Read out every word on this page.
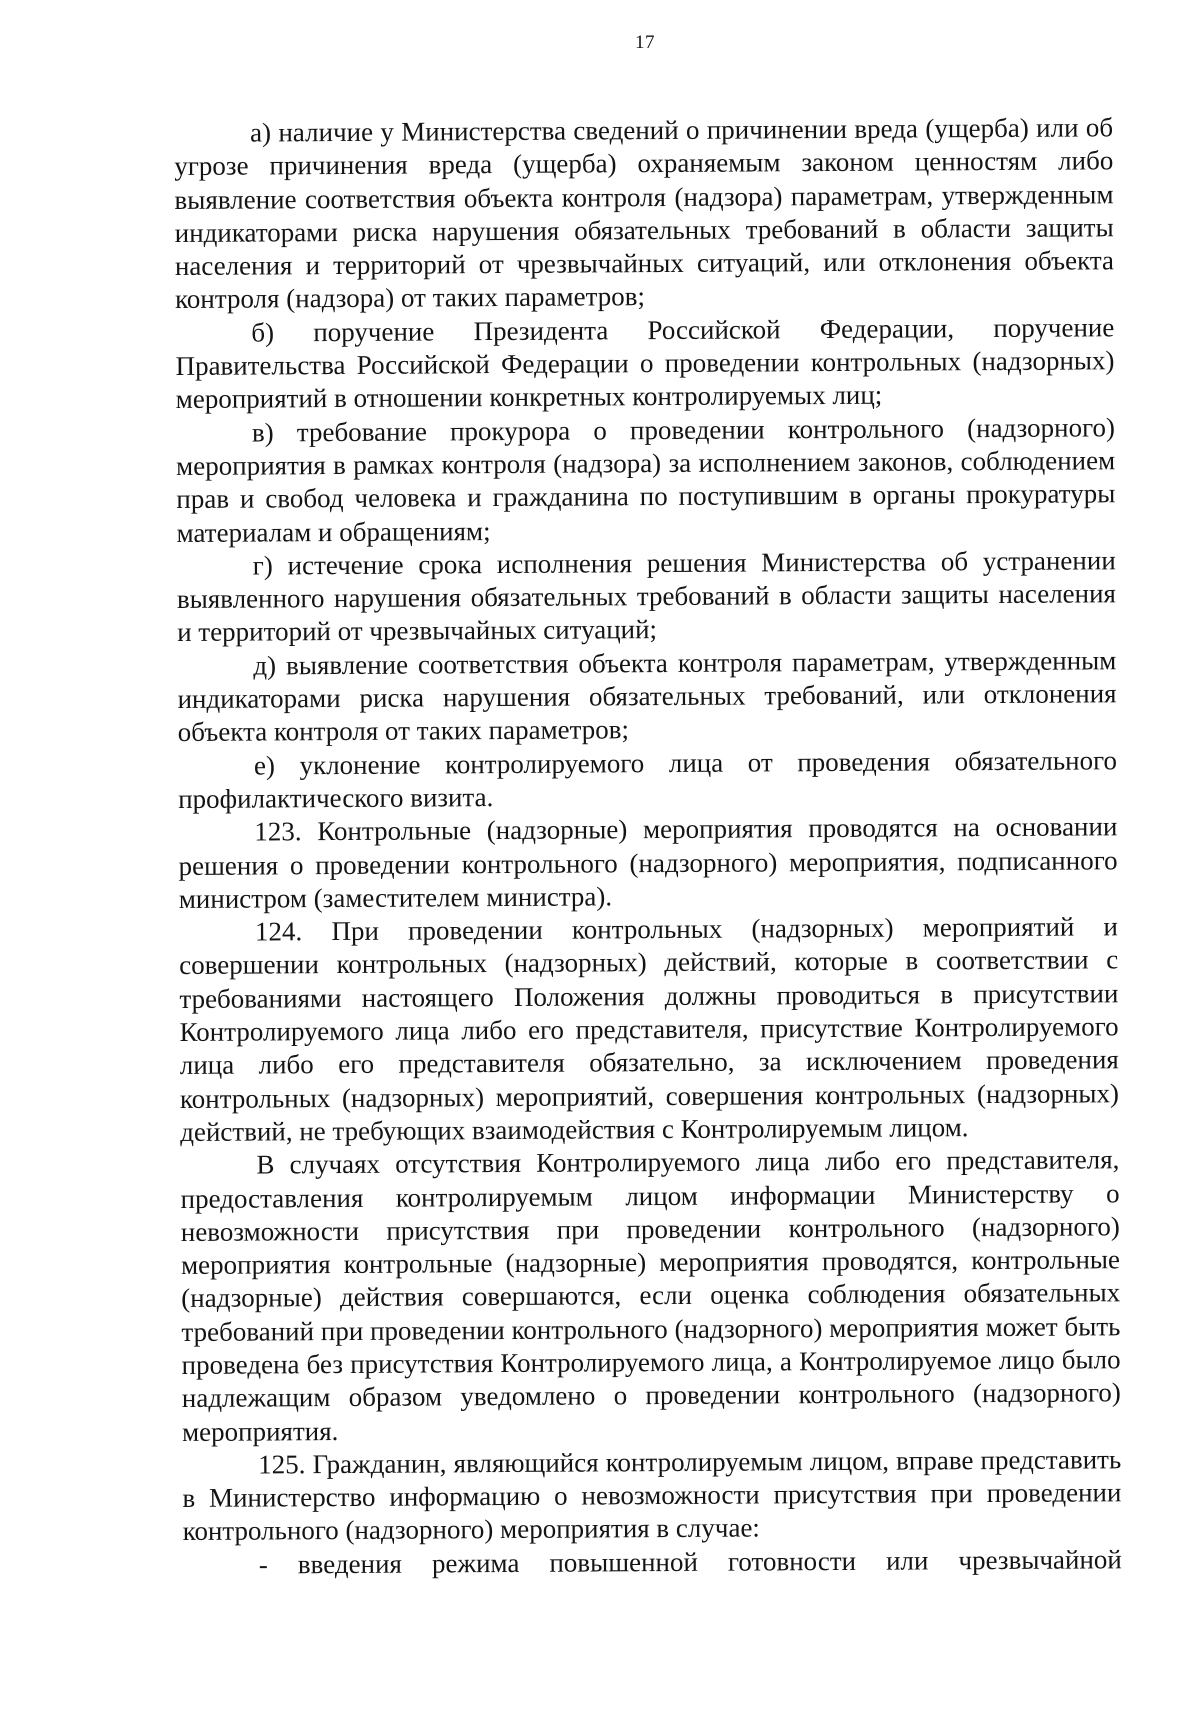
17

а) наличие у Министерства сведений о причинении вреда (ущерба) или об угрозе причинения вреда (ущерба) охраняемым законом ценностям либо выявление соответствия объекта контроля (надзора) параметрам, утвержденным индикаторами риска нарушения обязательных требований в области защиты населения и территорий от чрезвычайных ситуаций, или отклонения объекта контроля (надзора) от таких параметров;

б) поручение Президента Российской Федерации, поручение Правительства Российской Федерации о проведении контрольных (надзорных) мероприятий в отношении конкретных контролируемых лиц;

в) требование прокурора о проведении контрольного (надзорного) мероприятия в рамках контроля (надзора) за исполнением законов, соблюдением прав и свобод человека и гражданина по поступившим в органы прокуратуры материалам и обращениям;

г) истечение срока исполнения решения Министерства об устранении выявленного нарушения обязательных требований в области защиты населения и территорий от чрезвычайных ситуаций;

д) выявление соответствия объекта контроля параметрам, утвержденным индикаторами риска нарушения обязательных требований, или отклонения объекта контроля от таких параметров;

е) уклонение контролируемого лица от проведения обязательного профилактического визита.

123. Контрольные (надзорные) мероприятия проводятся на основании решения о проведении контрольного (надзорного) мероприятия, подписанного министром (заместителем министра).

124. При проведении контрольных (надзорных) мероприятий и совершении контрольных (надзорных) действий, которые в соответствии с требованиями настоящего Положения должны проводиться в присутствии Контролируемого лица либо его представителя, присутствие Контролируемого лица либо его представителя обязательно, за исключением проведения контрольных (надзорных) мероприятий, совершения контрольных (надзорных) действий, не требующих взаимодействия с Контролируемым лицом.

В случаях отсутствия Контролируемого лица либо его представителя, предоставления контролируемым лицом информации Министерству о невозможности присутствия при проведении контрольного (надзорного) мероприятия контрольные (надзорные) мероприятия проводятся, контрольные (надзорные) действия совершаются, если оценка соблюдения обязательных требований при проведении контрольного (надзорного) мероприятия может быть проведена без присутствия Контролируемого лица, а Контролируемое лицо было надлежащим образом уведомлено о проведении контрольного (надзорного) мероприятия.

125. Гражданин, являющийся контролируемым лицом, вправе представить в Министерство информацию о невозможности присутствия при проведении контрольного (надзорного) мероприятия в случае:

- введения режима повышенной готовности или чрезвычайной
